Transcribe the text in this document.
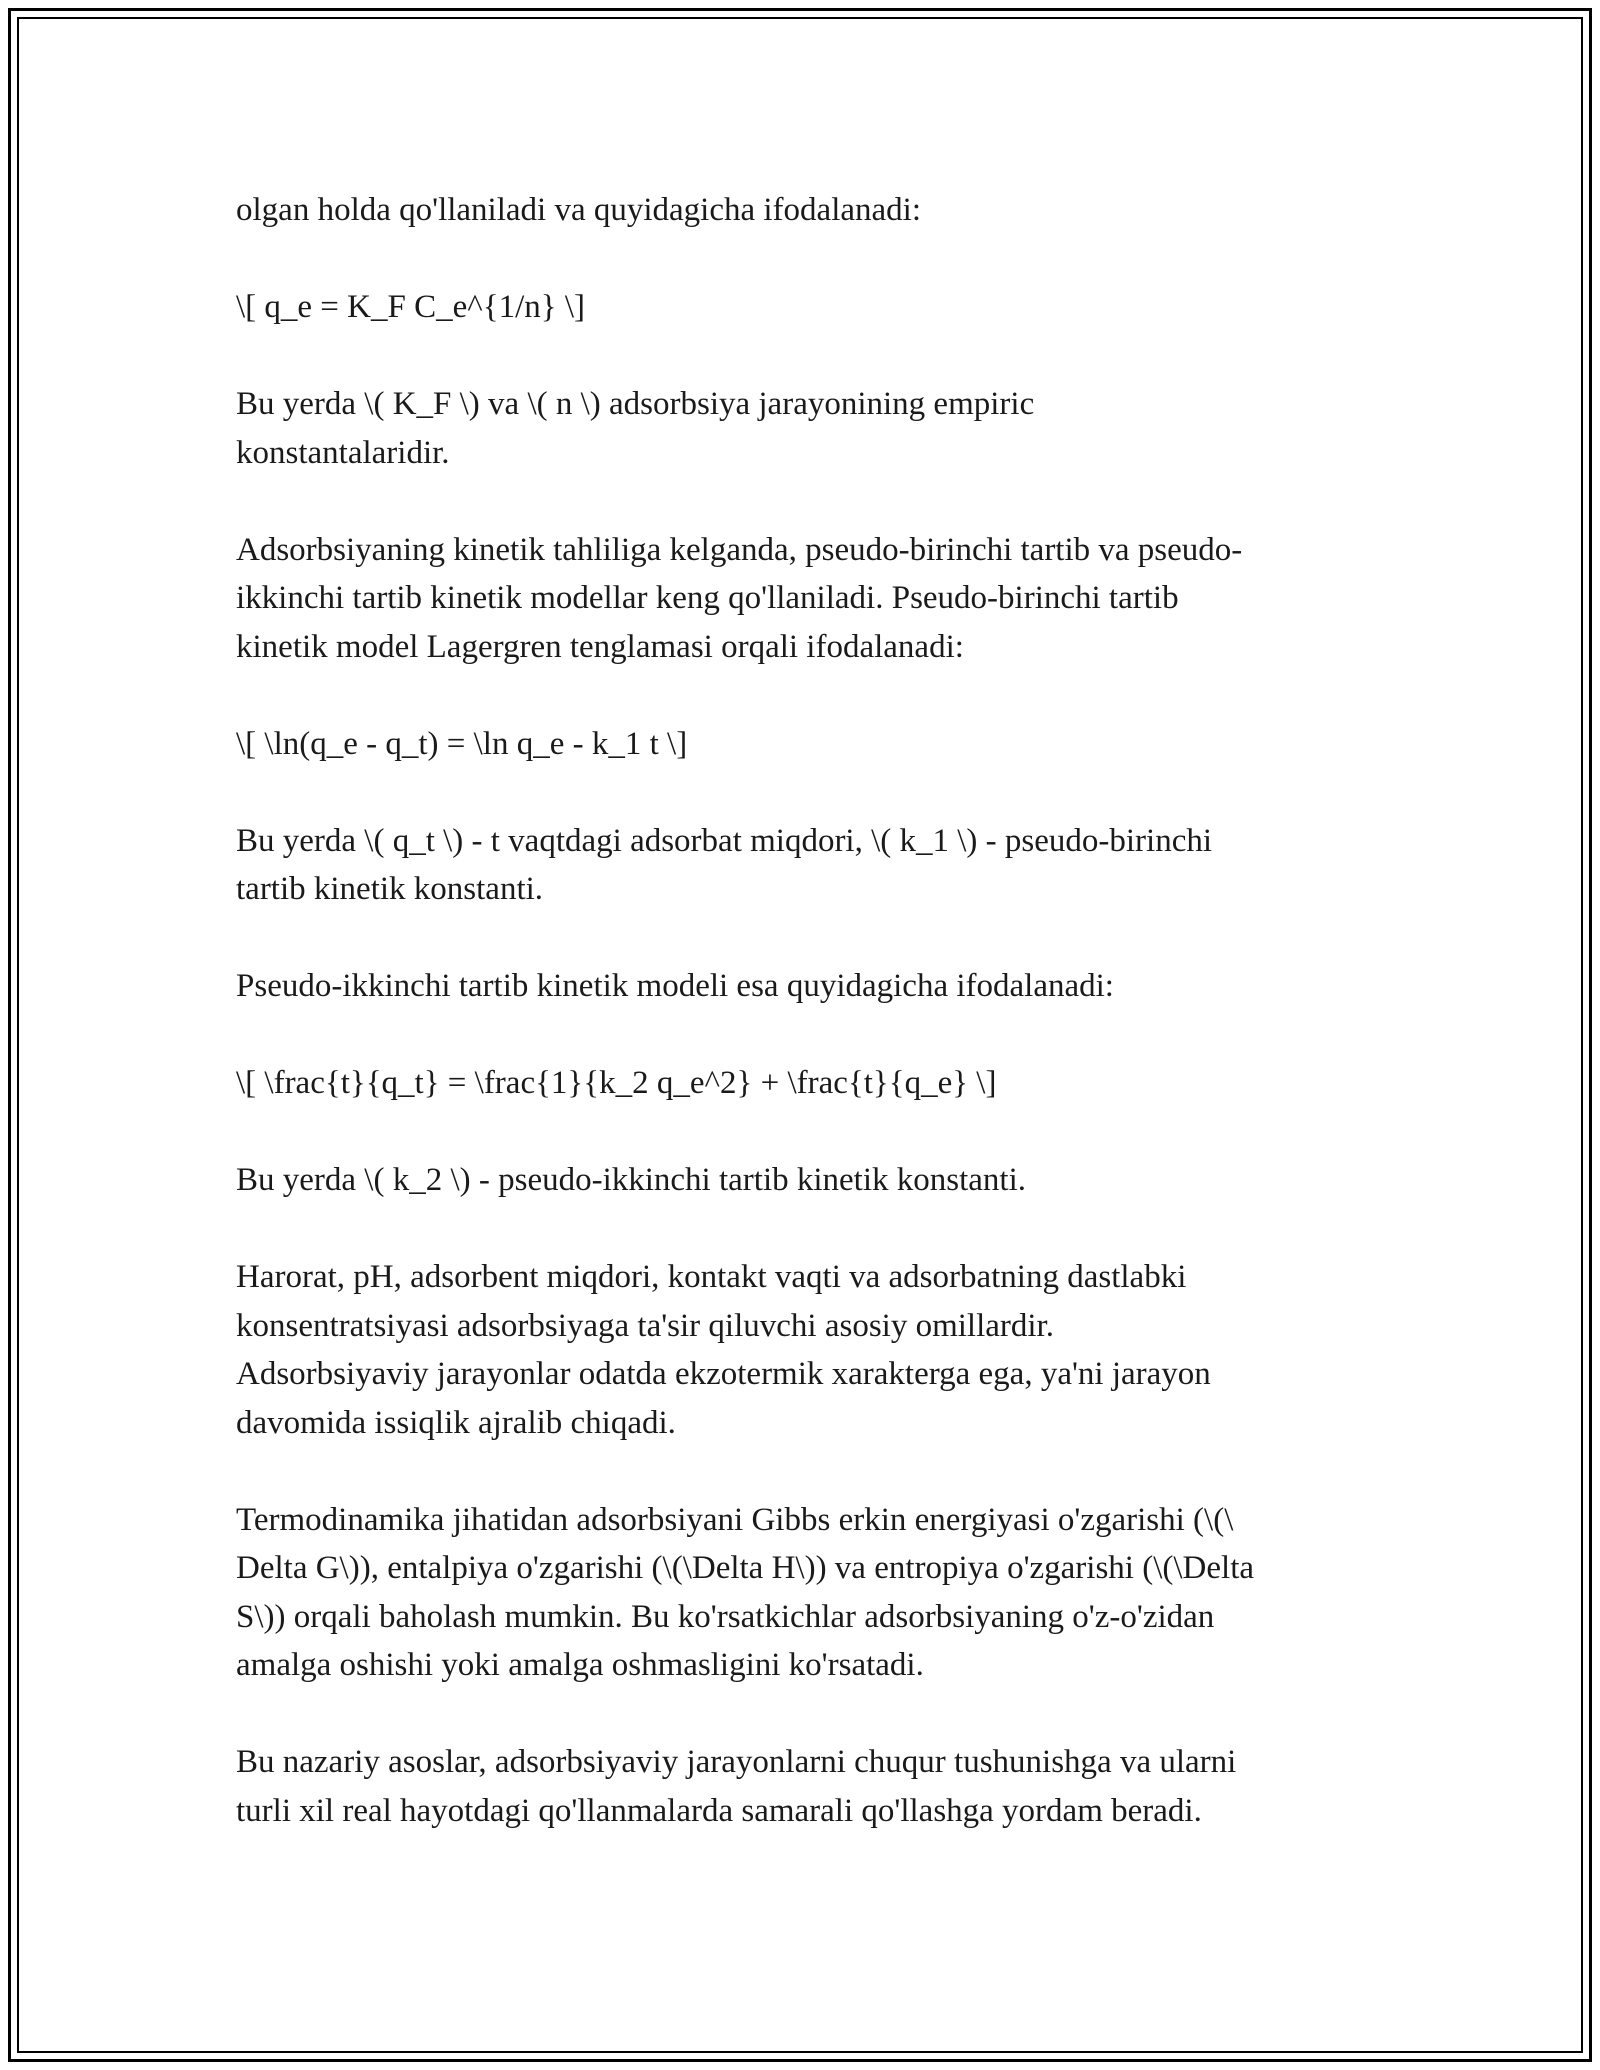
olgan holda qo'llaniladi va quyidagicha ifodalanadi:

\[ q_e = K_F C_e^{1/n} \]

Bu yerda \( K_F \) va \( n \) adsorbsiya jarayonining empiric
konstantalaridir.

Adsorbsiyaning kinetik tahliliga kelganda, pseudo-birinchi tartib va pseudo-
ikkinchi tartib kinetik modellar keng qo'llaniladi. Pseudo-birinchi tartib
kinetik model Lagergren tenglamasi orqali ifodalanadi:

\[ \ln(q_e - q_t) = \ln q_e - k_1 t \]

Bu yerda \( q_t \) - t vaqtdagi adsorbat miqdori, \( k_1 \) - pseudo-birinchi
tartib kinetik konstanti.

Pseudo-ikkinchi tartib kinetik modeli esa quyidagicha ifodalanadi:

\[ \frac{t}{q_t} = \frac{1}{k_2 q_e^2} + \frac{t}{q_e} \]

Bu yerda \( k_2 \) - pseudo-ikkinchi tartib kinetik konstanti.

Harorat, pH, adsorbent miqdori, kontakt vaqti va adsorbatning dastlabki
konsentratsiyasi adsorbsiyaga ta'sir qiluvchi asosiy omillardir.
Adsorbsiyaviy jarayonlar odatda ekzotermik xarakterga ega, ya'ni jarayon
davomida issiqlik ajralib chiqadi.

Termodinamika jihatidan adsorbsiyani Gibbs erkin energiyasi o'zgarishi (\(\
Delta G\)), entalpiya o'zgarishi (\(\Delta H\)) va entropiya o'zgarishi (\(\Delta
S\)) orqali baholash mumkin. Bu ko'rsatkichlar adsorbsiyaning o'z-o'zidan
amalga oshishi yoki amalga oshmasligini ko'rsatadi.

Bu nazariy asoslar, adsorbsiyaviy jarayonlarni chuqur tushunishga va ularni
turli xil real hayotdagi qo'llanmalarda samarali qo'llashga yordam beradi.
